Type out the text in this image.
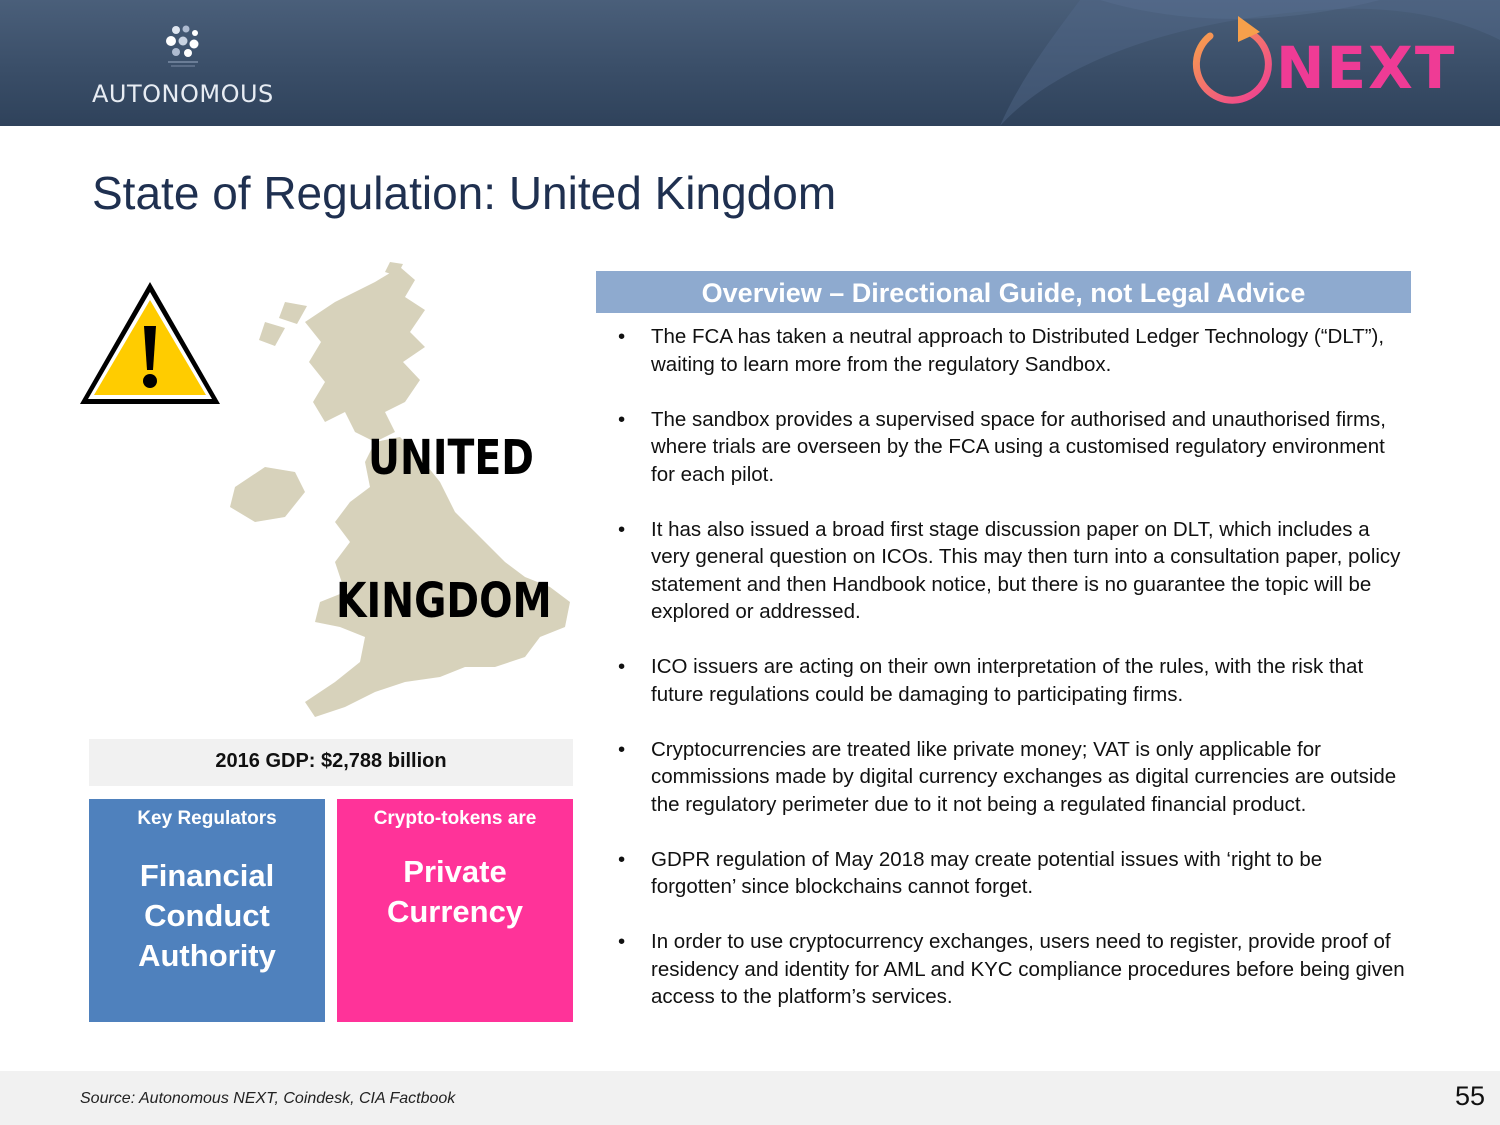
AUTONOMOUS	NEXT
State of Regulation: United Kingdom
UNITED
KINGDOM
2016 GDP: $2,788 billion
Key Regulators
Financial
Conduct
Authority
Crypto-tokens are
Private
Currency
Overview – Directional Guide, not Legal Advice
•	The FCA has taken a neutral approach to Distributed Ledger Technology (“DLT”), waiting to learn more from the regulatory Sandbox.
•	The sandbox provides a supervised space for authorised and unauthorised firms, where trials are overseen by the FCA using a customised regulatory environment for each pilot.
•	It has also issued a broad first stage discussion paper on DLT, which includes a very general question on ICOs. This may then turn into a consultation paper, policy statement and then Handbook notice, but there is no guarantee the topic will be explored or addressed.
•	ICO issuers are acting on their own interpretation of the rules, with the risk that future regulations could be damaging to participating firms.
•	Cryptocurrencies are treated like private money; VAT is only applicable for commissions made by digital currency exchanges as digital currencies are outside the regulatory perimeter due to it not being a regulated financial product.
•	GDPR regulation of May 2018 may create potential issues with ‘right to be forgotten’ since blockchains cannot forget.
•	In order to use cryptocurrency exchanges, users need to register, provide proof of residency and identity for AML and KYC compliance procedures before being given access to the platform’s services.
Source: Autonomous NEXT, Coindesk, CIA Factbook	55
